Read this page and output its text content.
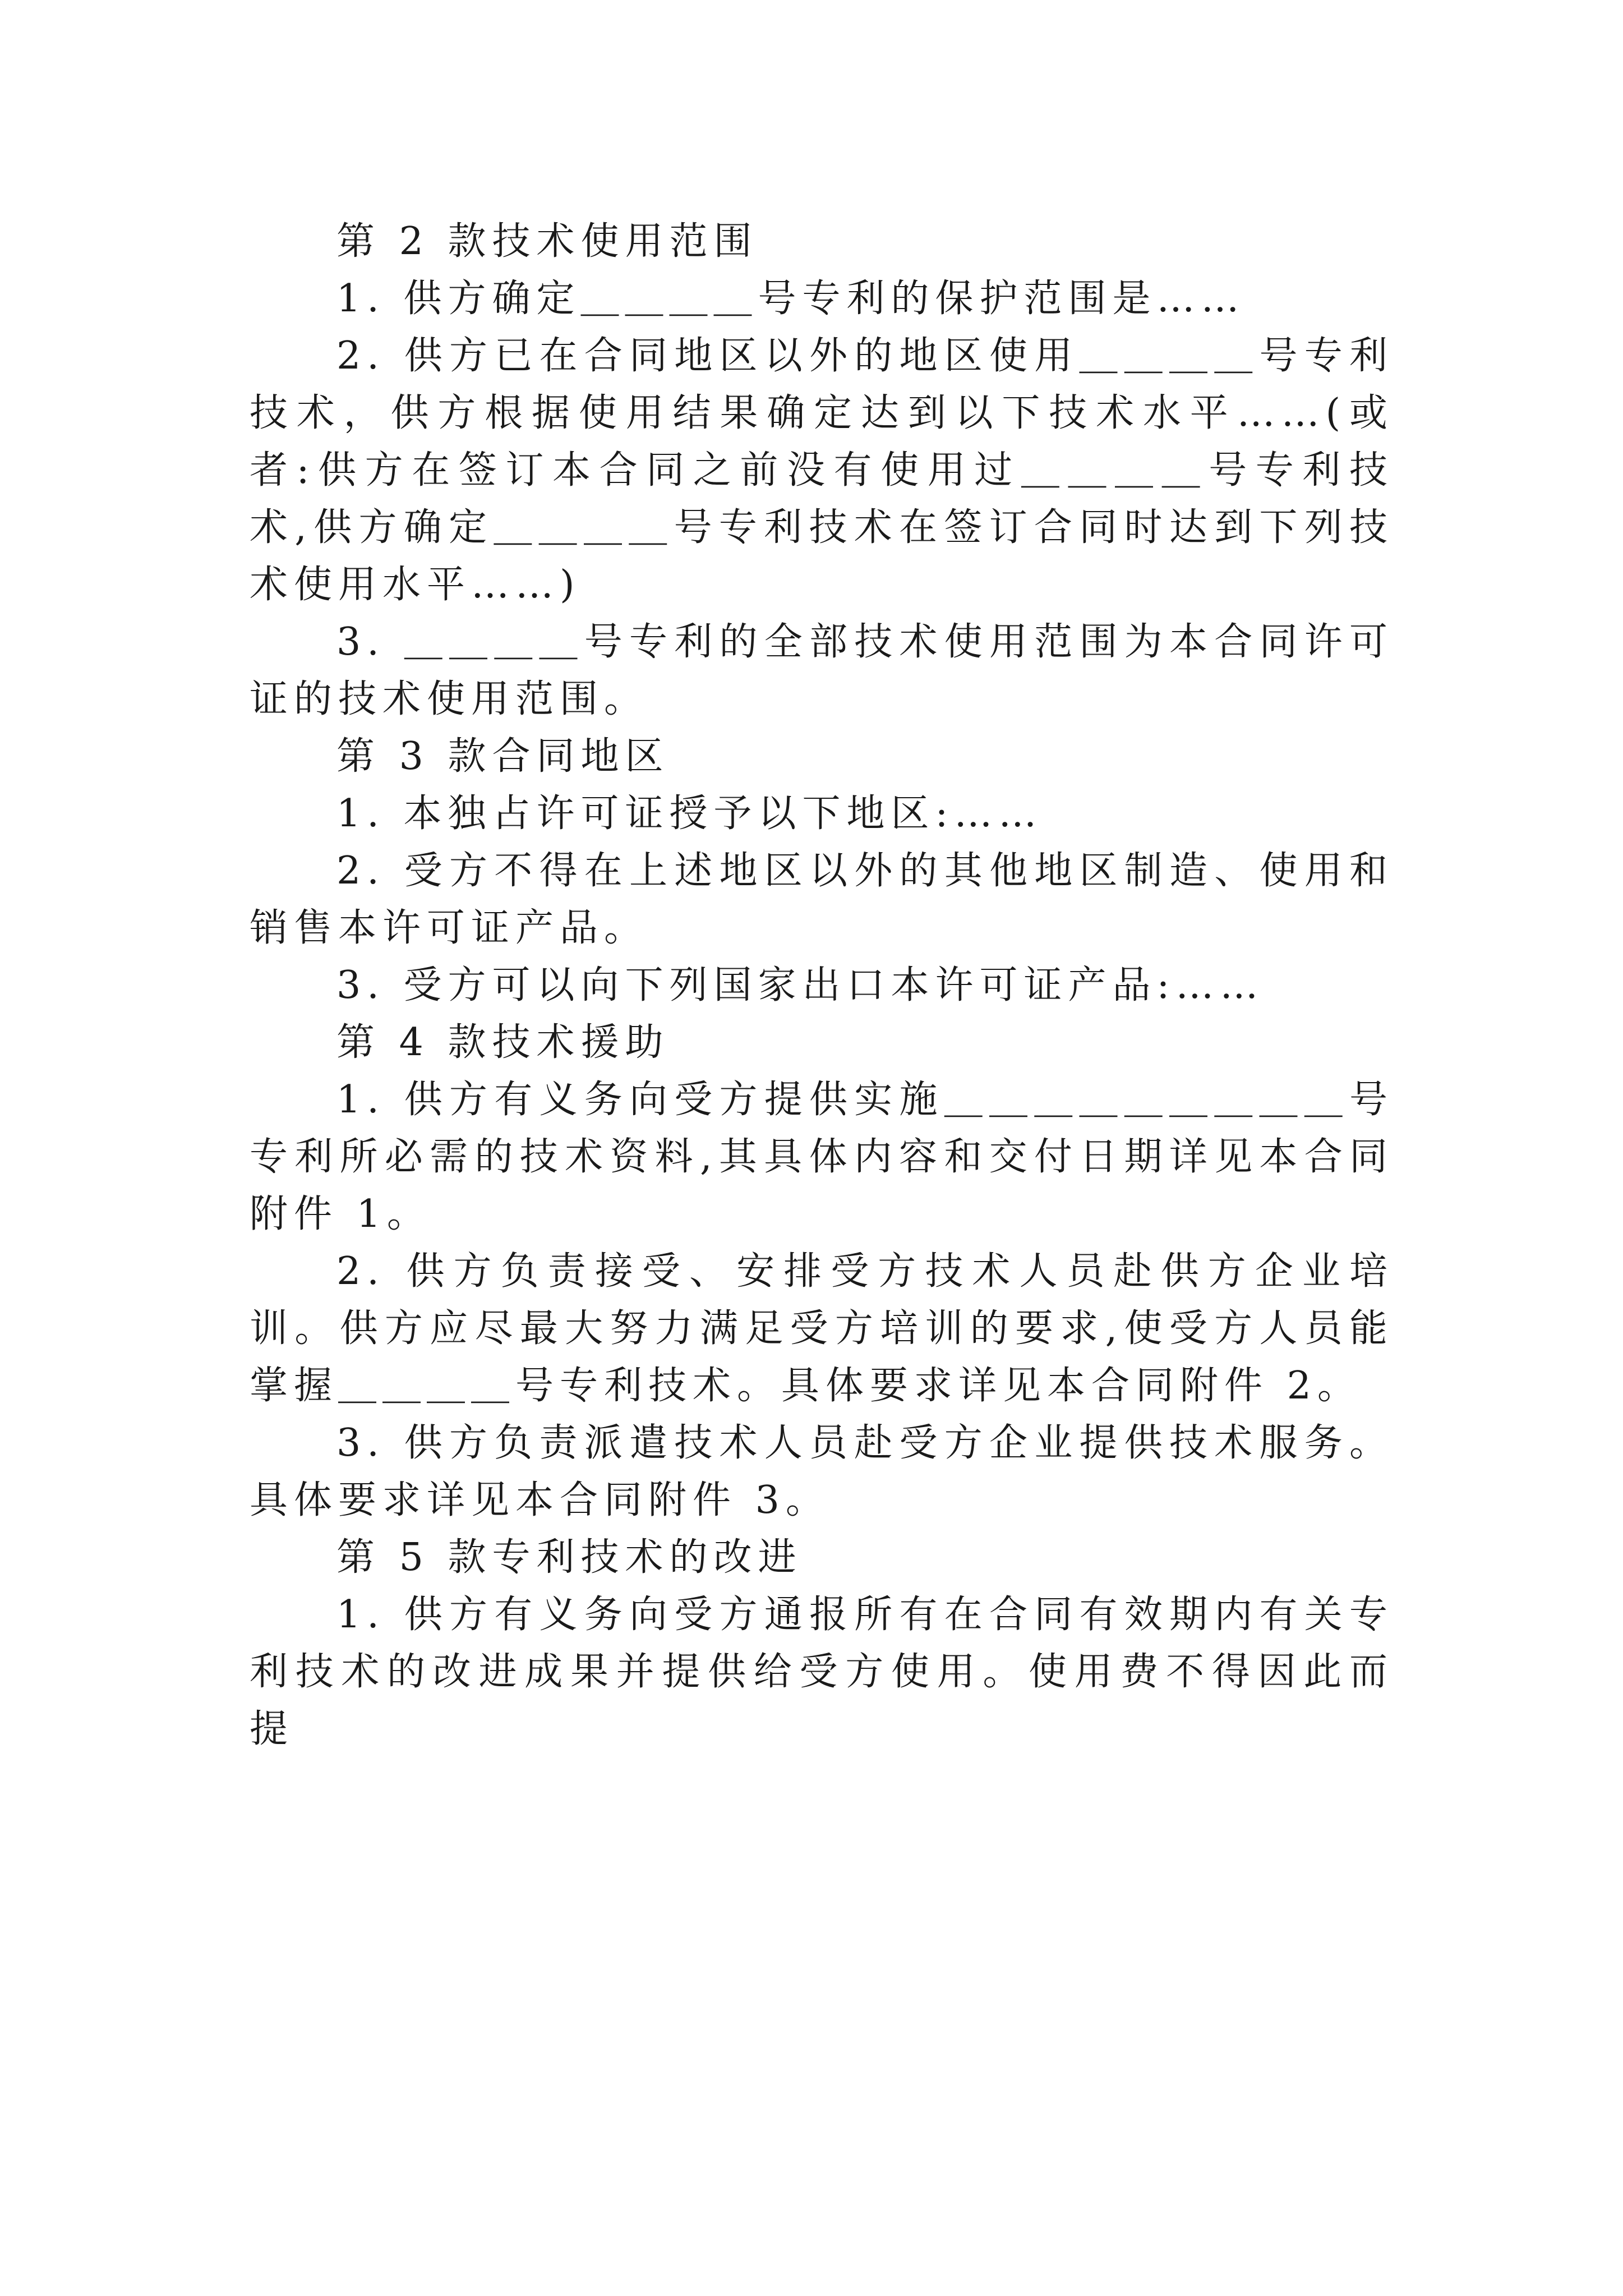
第 2 款技术使用范围

1. 供方确定＿＿＿＿号专利的保护范围是……

2. 供方已在合同地区以外的地区使用＿＿＿＿号专利技术，供方根据使用结果确定达到以下技术水平……(或者:供方在签订本合同之前没有使用过＿＿＿＿号专利技术,供方确定＿＿＿＿号专利技术在签订合同时达到下列技术使用水平……)

3. ＿＿＿＿号专利的全部技术使用范围为本合同许可证的技术使用范围。

第 3 款合同地区

1. 本独占许可证授予以下地区:……

2. 受方不得在上述地区以外的其他地区制造、使用和销售本许可证产品。

3. 受方可以向下列国家出口本许可证产品:……

第 4 款技术援助

1. 供方有义务向受方提供实施＿＿＿＿＿＿＿＿＿号专利所必需的技术资料,其具体内容和交付日期详见本合同附件 1。

2. 供方负责接受、安排受方技术人员赴供方企业培训。供方应尽最大努力满足受方培训的要求,使受方人员能掌握＿＿＿＿号专利技术。具体要求详见本合同附件 2。

3. 供方负责派遣技术人员赴受方企业提供技术服务。具体要求详见本合同附件 3。

第 5 款专利技术的改进

1. 供方有义务向受方通报所有在合同有效期内有关专利技术的改进成果并提供给受方使用。使用费不得因此而提
